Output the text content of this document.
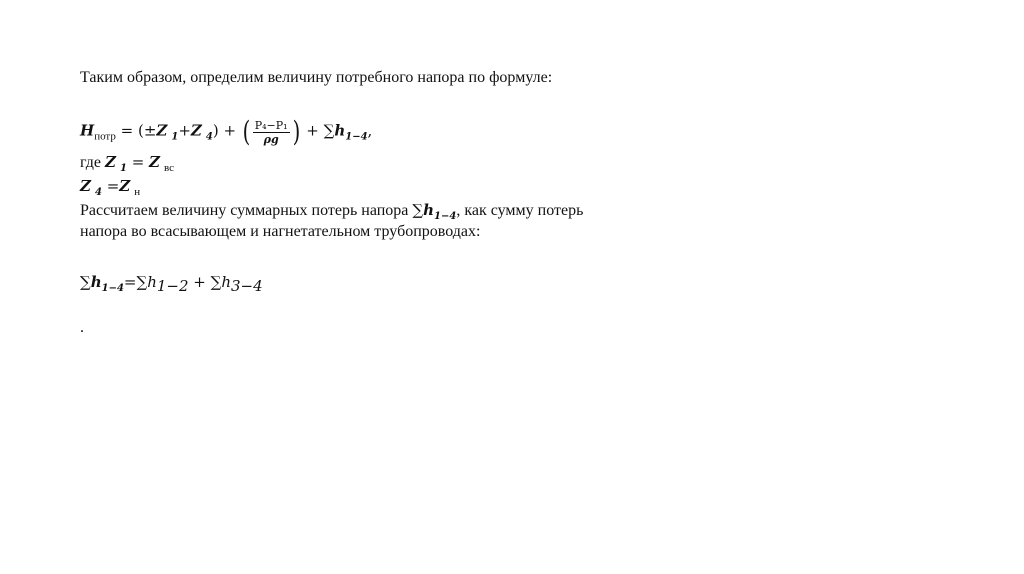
Таким образом, определим величину потребного напора по формуле:
$H_{потр} = (\pm Z$ $_1$+Z $_4$) + ( $\frac{\text{P₄−P₁}}{\rho g}$ ) + $\sum h_{1-4}$,
где Z $_1$ = Z $_{вс}$
Z $_4$ =Z $_н$
Рассчитаем величину суммарных потерь напора $\sum h_{1-4}$, как сумму потерь
напора во всасывающем и нагнетательном трубопроводах:
$\sum h_{1-4}=\sum h1-2 + \sum h3-4$
.
